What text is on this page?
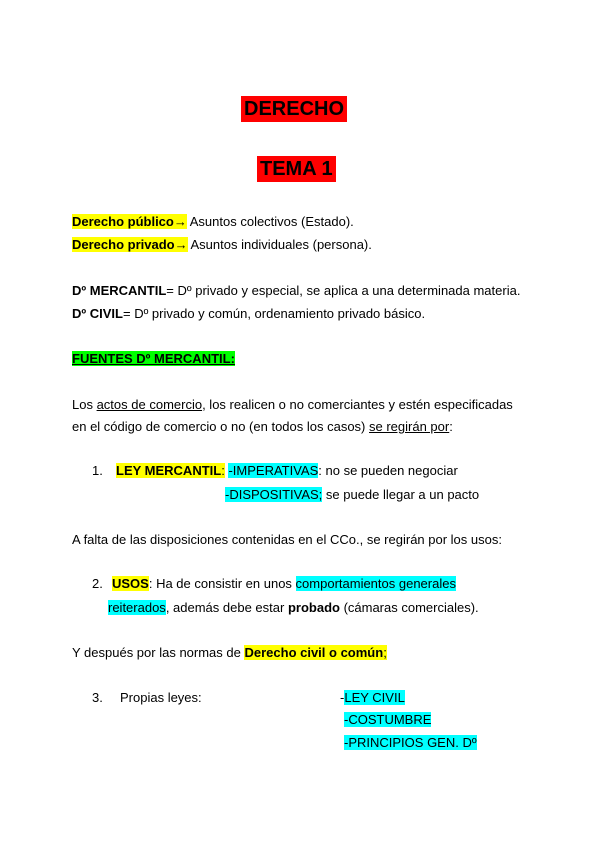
DERECHO
TEMA 1
Derecho público→ Asuntos colectivos (Estado).
Derecho privado→ Asuntos individuales (persona).
Dº MERCANTIL= Dº privado y especial, se aplica a una determinada materia.
Dº CIVIL= Dº privado y común, ordenamiento privado básico.
FUENTES Dº MERCANTIL:
Los actos de comercio, los realicen o no comerciantes y estén especificadas
en el código de comercio o no (en todos los casos) se regirán por:
1. LEY MERCANTIL: -IMPERATIVAS: no se pueden negociar
-DISPOSITIVAS; se puede llegar a un pacto
A falta de las disposiciones contenidas en el CCo., se regirán por los usos:
2. USOS: Ha de consistir en unos comportamientos generales
reiterados, además debe estar probado (cámaras comerciales).
Y después por las normas de Derecho civil o común;
3. Propias leyes:	-LEY CIVIL
-COSTUMBRE
-PRINCIPIOS GEN. Dº
